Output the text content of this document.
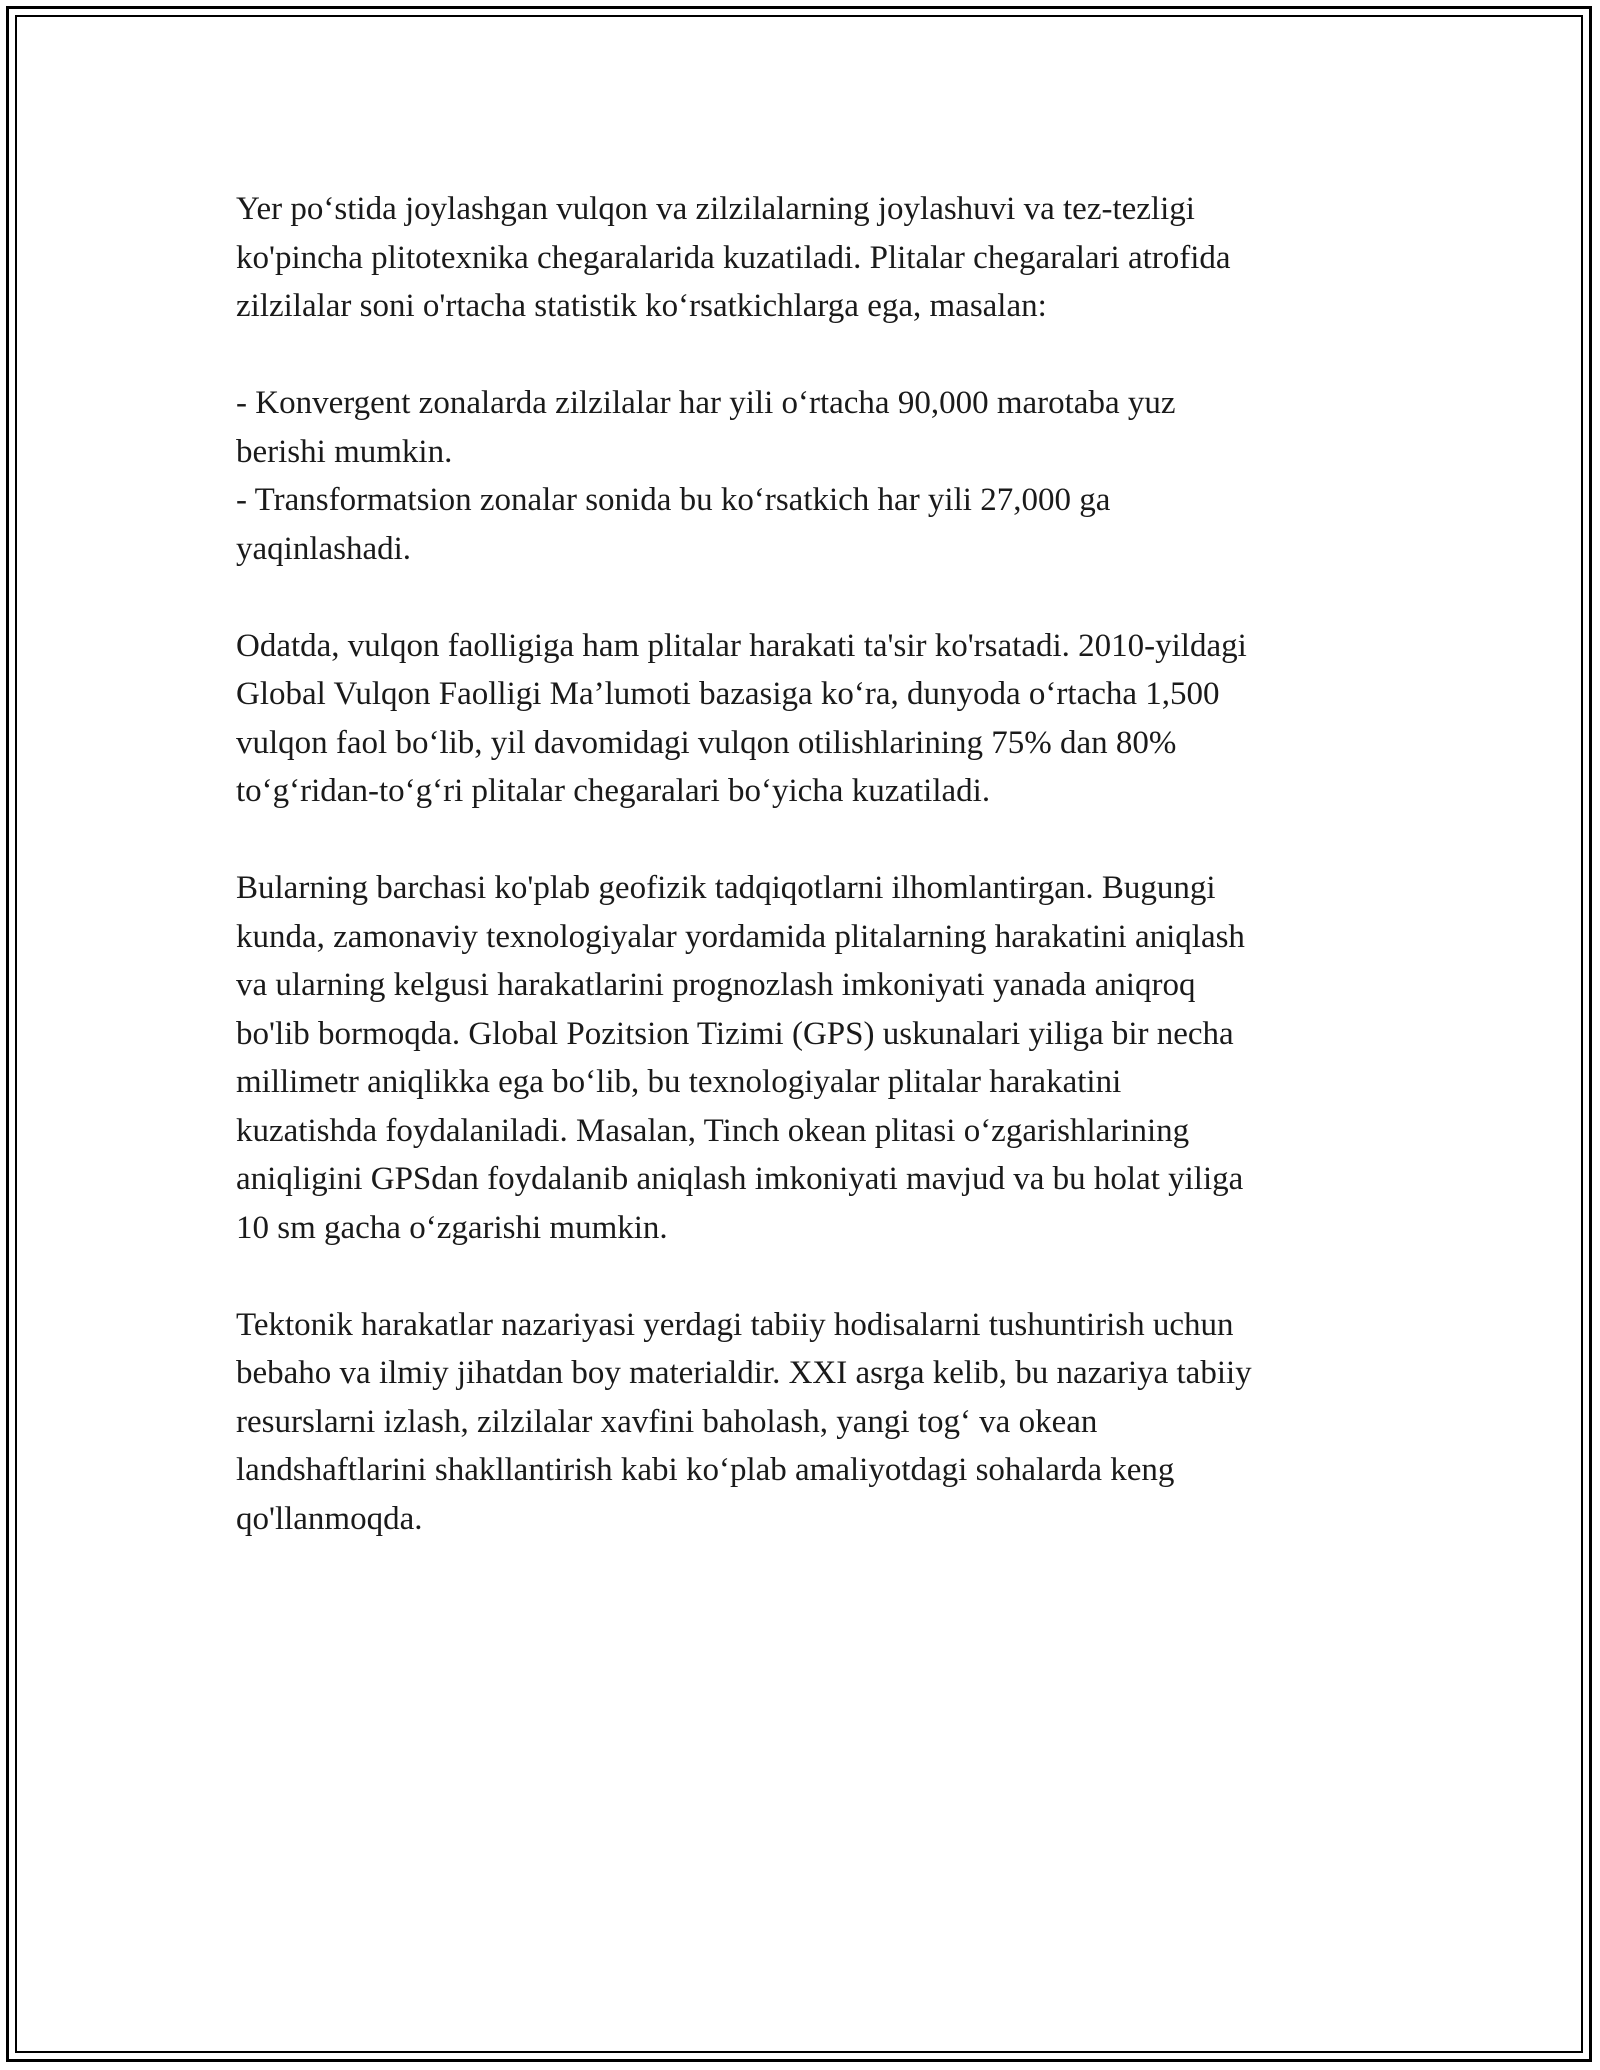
Yer po‘stida joylashgan vulqon va zilzilalarning joylashuvi va tez-tezligi
ko'pincha plitotexnika chegaralarida kuzatiladi. Plitalar chegaralari atrofida
zilzilalar soni o'rtacha statistik ko‘rsatkichlarga ega, masalan:

- Konvergent zonalarda zilzilalar har yili o‘rtacha 90,000 marotaba yuz
berishi mumkin.
- Transformatsion zonalar sonida bu ko‘rsatkich har yili 27,000 ga
yaqinlashadi.

Odatda, vulqon faolligiga ham plitalar harakati ta'sir ko'rsatadi. 2010-yildagi
Global Vulqon Faolligi Ma’lumoti bazasiga ko‘ra, dunyoda o‘rtacha 1,500
vulqon faol bo‘lib, yil davomidagi vulqon otilishlarining 75% dan 80%
to‘g‘ridan-to‘g‘ri plitalar chegaralari bo‘yicha kuzatiladi.

Bularning barchasi ko'plab geofizik tadqiqotlarni ilhomlantirgan. Bugungi
kunda, zamonaviy texnologiyalar yordamida plitalarning harakatini aniqlash
va ularning kelgusi harakatlarini prognozlash imkoniyati yanada aniqroq
bo'lib bormoqda. Global Pozitsion Tizimi (GPS) uskunalari yiliga bir necha
millimetr aniqlikka ega bo‘lib, bu texnologiyalar plitalar harakatini
kuzatishda foydalaniladi. Masalan, Tinch okean plitasi o‘zgarishlarining
aniqligini GPSdan foydalanib aniqlash imkoniyati mavjud va bu holat yiliga
10 sm gacha o‘zgarishi mumkin.

Tektonik harakatlar nazariyasi yerdagi tabiiy hodisalarni tushuntirish uchun
bebaho va ilmiy jihatdan boy materialdir. XXI asrga kelib, bu nazariya tabiiy
resurslarni izlash, zilzilalar xavfini baholash, yangi tog‘ va okean
landshaftlarini shakllantirish kabi ko‘plab amaliyotdagi sohalarda keng
qo'llanmoqda.
